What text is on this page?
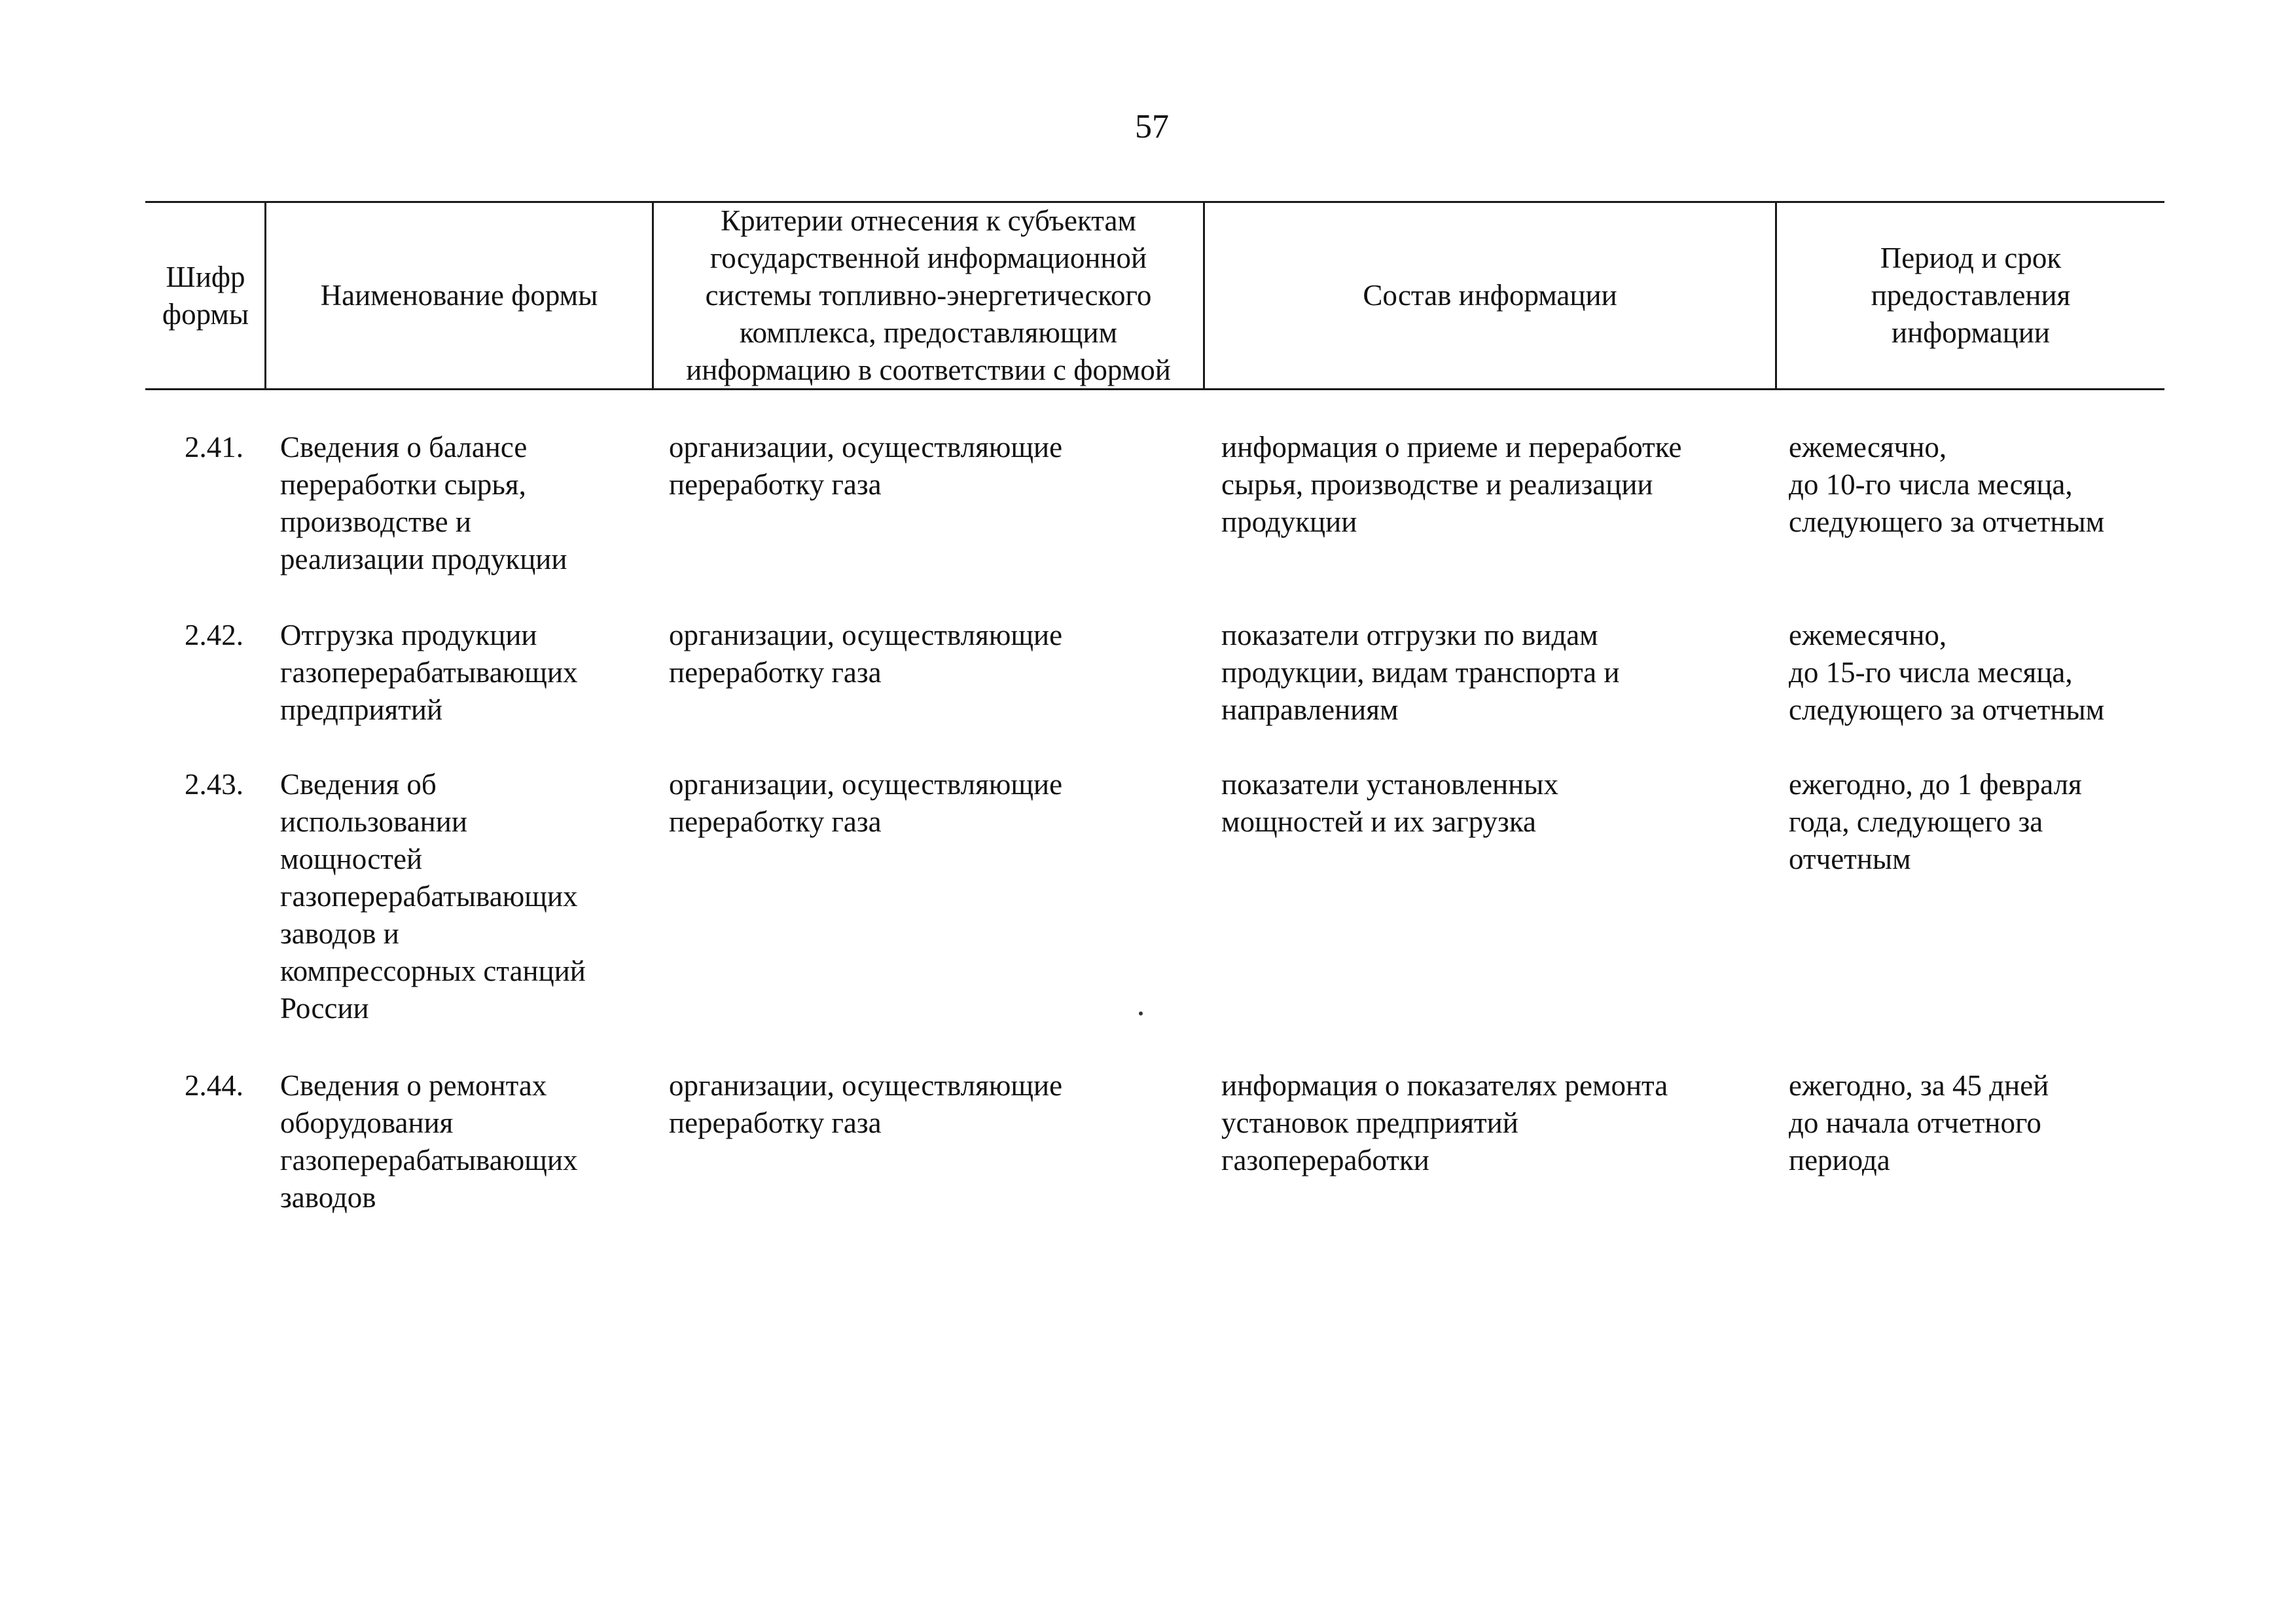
57
Шифр
формы
Наименование формы
Критерии отнесения к субъектам
государственной информационной
системы топливно-энергетического
комплекса, предоставляющим
информацию в соответствии с формой
Состав информации
Период и срок
предоставления
информации
2.41. Сведения о балансе
переработки сырья,
производстве и
реализации продукции
организации, осуществляющие
переработку газа
информация о приеме и переработке
сырья, производстве и реализации
продукции
ежемесячно,
до 10-го числа месяца,
следующего за отчетным
2.42. Отгрузка продукции
газоперерабатывающих
предприятий
организации, осуществляющие
переработку газа
показатели отгрузки по видам
продукции, видам транспорта и
направлениям
ежемесячно,
до 15-го числа месяца,
следующего за отчетным
2.43. Сведения об
использовании
мощностей
газоперерабатывающих
заводов и
компрессорных станций
России
организации, осуществляющие
переработку газа
показатели установленных
мощностей и их загрузка
ежегодно, до 1 февраля
года, следующего за
отчетным
2.44. Сведения о ремонтах
оборудования
газоперерабатывающих
заводов
организации, осуществляющие
переработку газа
информация о показателях ремонта
установок предприятий
газопереработки
ежегодно, за 45 дней
до начала отчетного
периода
